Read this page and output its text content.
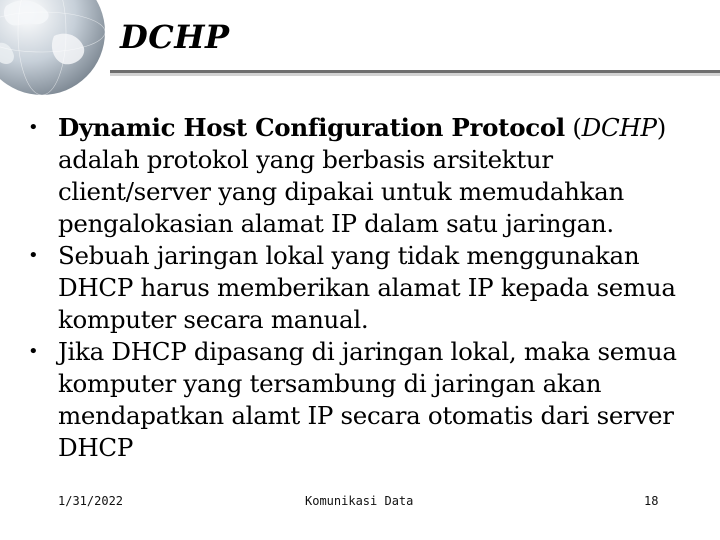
DCHP
• Dynamic Host Configuration Protocol (DCHP) adalah protokol yang berbasis arsitektur client/server yang dipakai untuk memudahkan pengalokasian alamat IP dalam satu jaringan.
• Sebuah jaringan lokal yang tidak menggunakan DHCP harus memberikan alamat IP kepada semua komputer secara manual.
• Jika DHCP dipasang di jaringan lokal, maka semua komputer yang tersambung di jaringan akan mendapatkan alamt IP secara otomatis dari server DHCP
1/31/2022	Komunikasi Data	18
